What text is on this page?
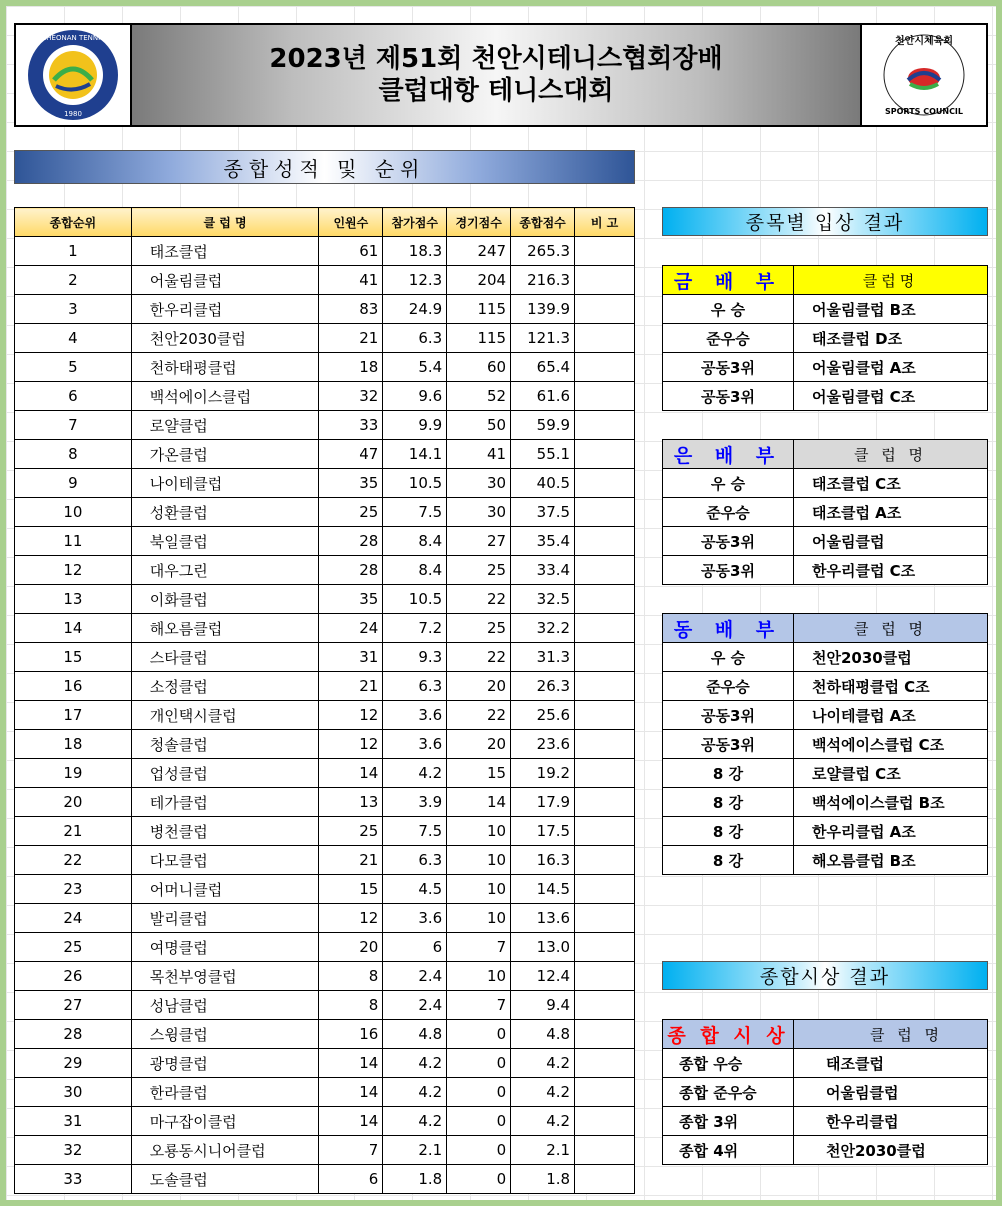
CHEONAN TENNIS
1980
2023년 제51회 천안시테니스협회장배
클럽대항 테니스대회
천안시체육회
SPORTS COUNCIL
종합성적 및 순위
종합순위	클 럽 명	인원수	참가점수	경기점수	종합점수	비 고
1	태조클럽	61	18.3	247	265.3	
2	어울림클럽	41	12.3	204	216.3	
3	한우리클럽	83	24.9	115	139.9	
4	천안2030클럽	21	6.3	115	121.3	
5	천하태평클럽	18	5.4	60	65.4	
6	백석에이스클럽	32	9.6	52	61.6	
7	로얄클럽	33	9.9	50	59.9	
8	가온클럽	47	14.1	41	55.1	
9	나이테클럽	35	10.5	30	40.5	
10	성환클럽	25	7.5	30	37.5	
11	북일클럽	28	8.4	27	35.4	
12	대우그린	28	8.4	25	33.4	
13	이화클럽	35	10.5	22	32.5	
14	해오름클럽	24	7.2	25	32.2	
15	스타클럽	31	9.3	22	31.3	
16	소정클럽	21	6.3	20	26.3	
17	개인택시클럽	12	3.6	22	25.6	
18	청솔클럽	12	3.6	20	23.6	
19	업성클럽	14	4.2	15	19.2	
20	테가클럽	13	3.9	14	17.9	
21	병천클럽	25	7.5	10	17.5	
22	다모클럽	21	6.3	10	16.3	
23	어머니클럽	15	4.5	10	14.5	
24	발리클럽	12	3.6	10	13.6	
25	여명클럽	20	6	7	13.0	
26	목천부영클럽	8	2.4	10	12.4	
27	성남클럽	8	2.4	7	9.4	
28	스윙클럽	16	4.8	0	4.8	
29	광명클럽	14	4.2	0	4.2	
30	한라클럽	14	4.2	0	4.2	
31	마구잡이클럽	14	4.2	0	4.2	
32	오룡동시니어클럽	7	2.1	0	2.1	
33	도솔클럽	6	1.8	0	1.8	
종목별 입상 결과
금 배 부	클럽명
우 승	어울림클럽 B조
준우승	태조클럽 D조
공동3위	어울림클럽 A조
공동3위	어울림클럽 C조
은 배 부	클 럽 명
우 승	태조클럽 C조
준우승	태조클럽 A조
공동3위	어울림클럽
공동3위	한우리클럽 C조
동 배 부	클 럽 명
우 승	천안2030클럽
준우승	천하태평클럽 C조
공동3위	나이테클럽 A조
공동3위	백석에이스클럽 C조
8 강	로얄클럽 C조
8 강	백석에이스클럽 B조
8 강	한우리클럽 A조
8 강	해오름클럽 B조
종합시상 결과
종 합 시 상	클 럽 명
종합 우승	태조클럽
종합 준우승	어울림클럽
종합 3위	한우리클럽
종합 4위	천안2030클럽
